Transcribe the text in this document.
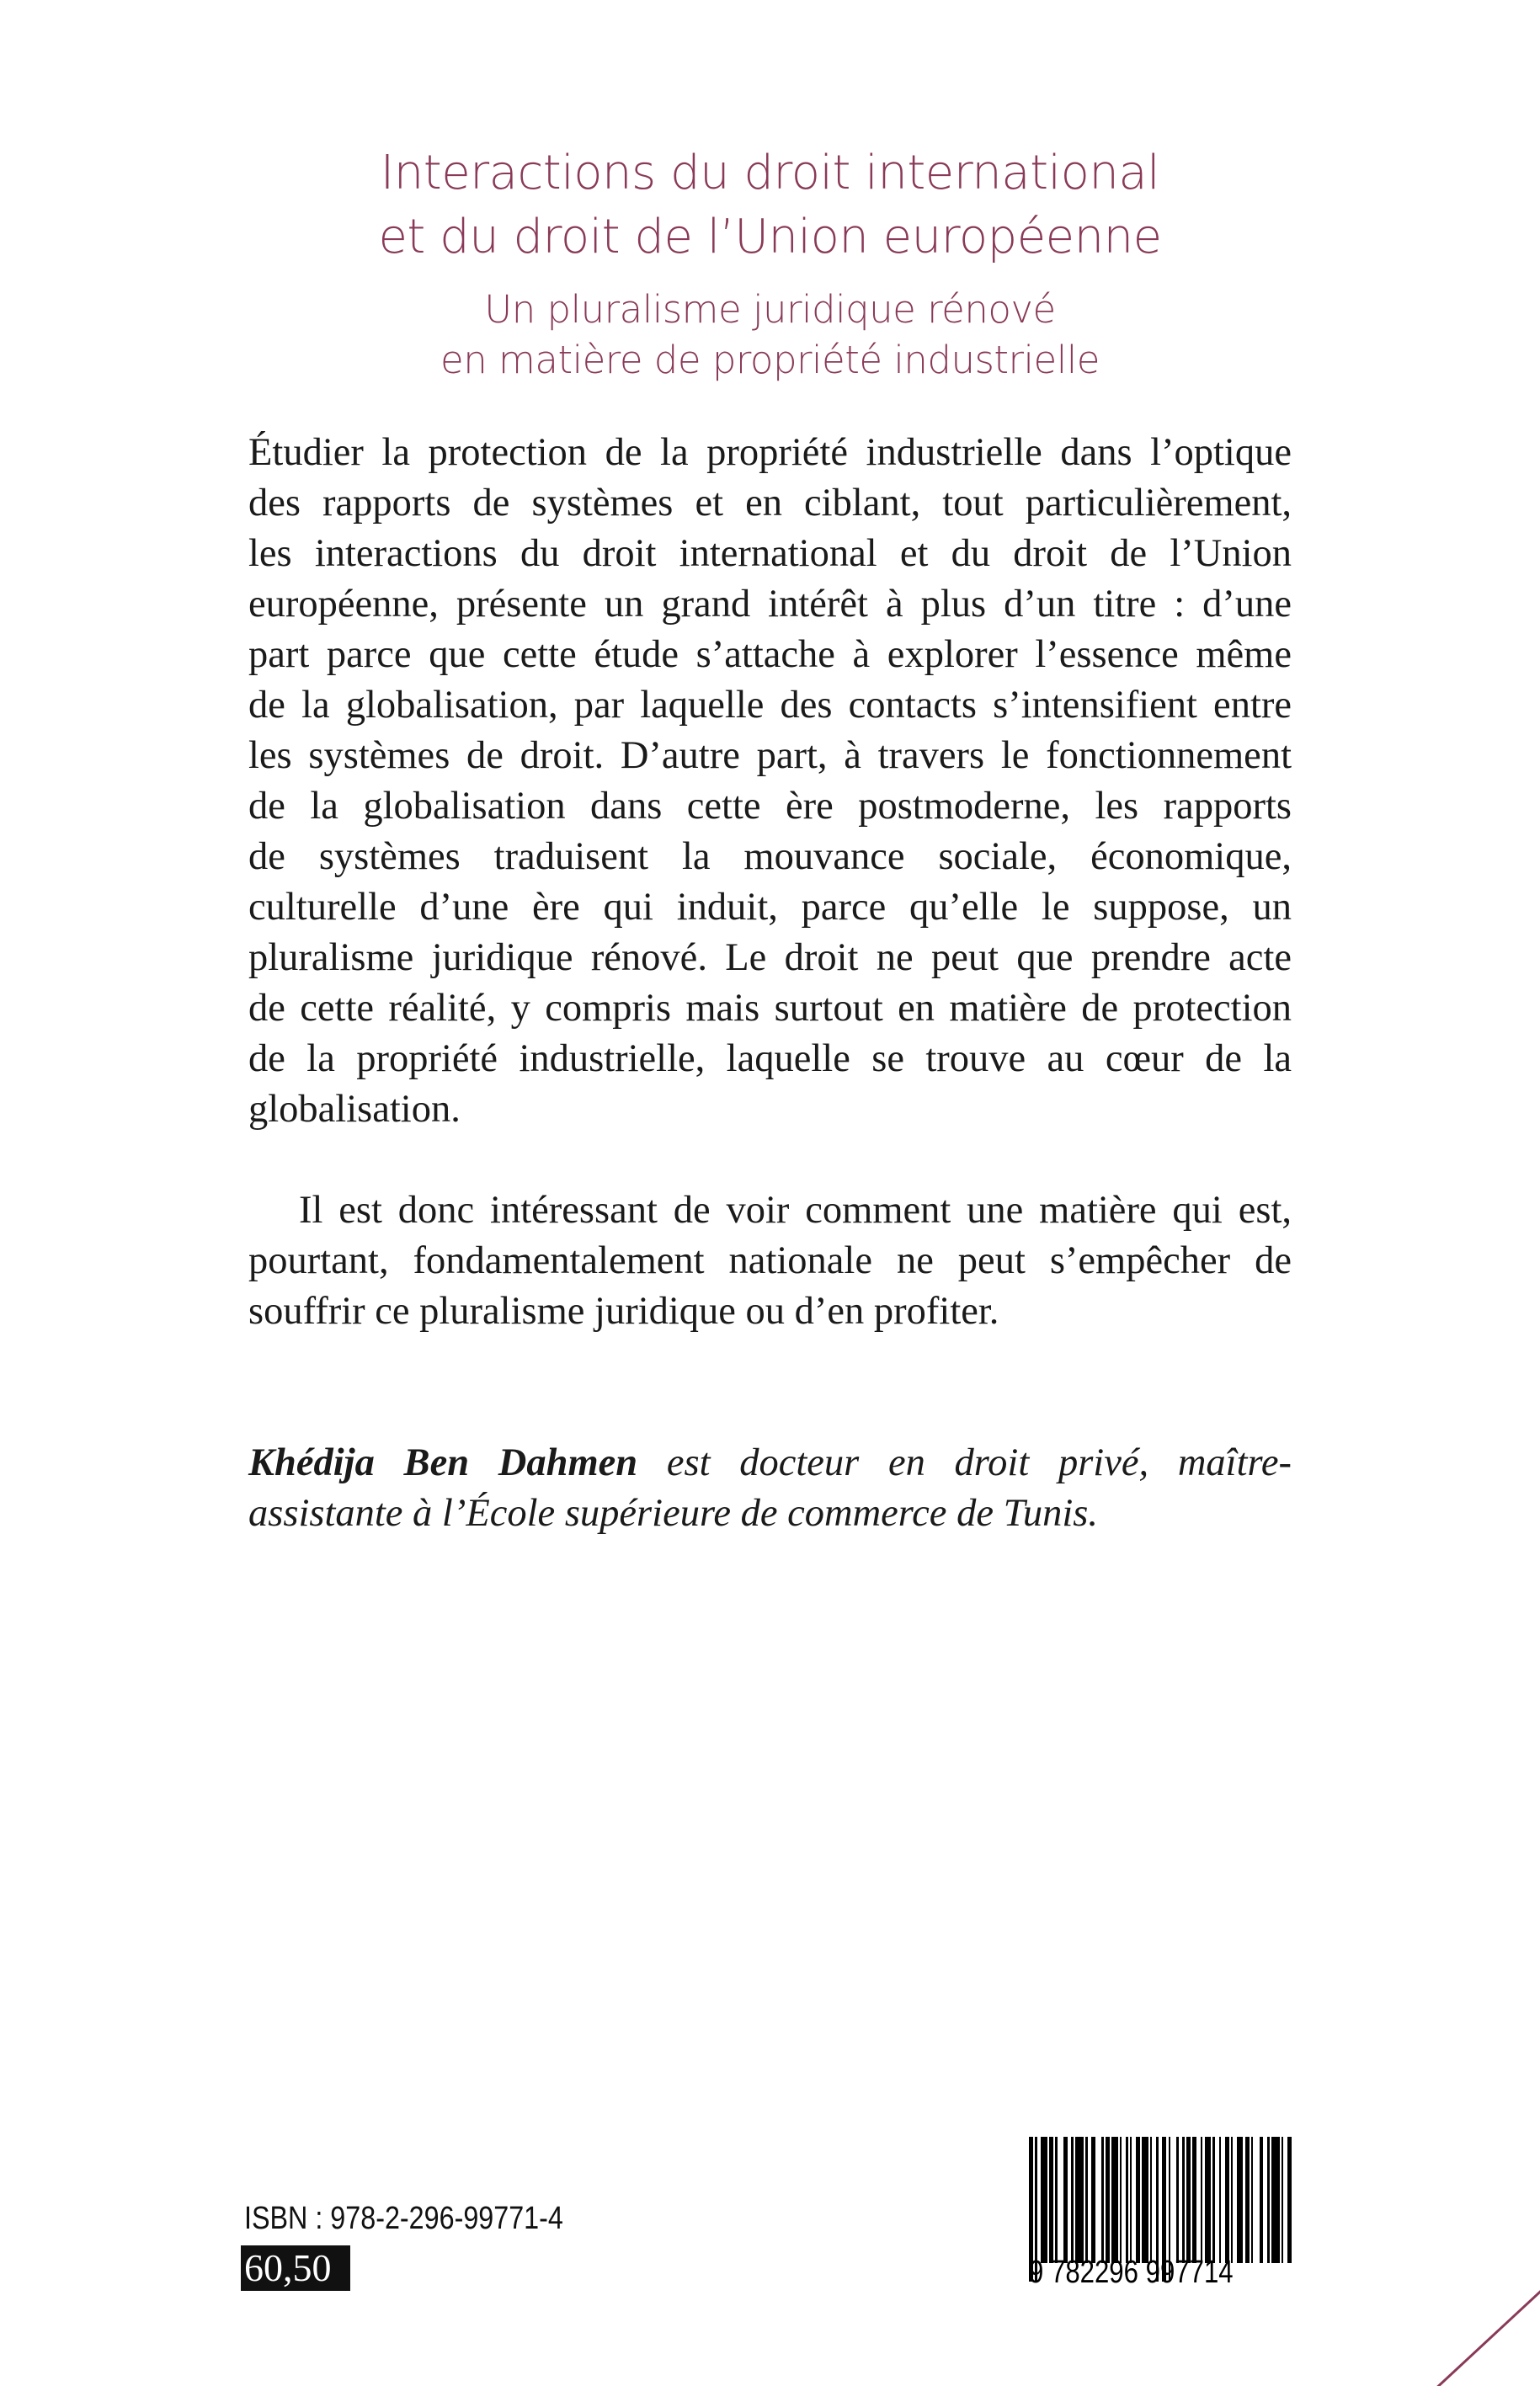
Interactions du droit international
et du droit de l’Union européenne
Un pluralisme juridique rénové
en matière de propriété industrielle
Étudier la protection de la propriété industrielle dans l’optique
des rapports de systèmes et en ciblant, tout particulièrement,
les interactions du droit international et du droit de l’Union
européenne, présente un grand intérêt à plus d’un titre : d’une
part parce que cette étude s’attache à explorer l’essence même
de la globalisation, par laquelle des contacts s’intensifient entre
les systèmes de droit. D’autre part, à travers le fonctionnement
de la globalisation dans cette ère postmoderne, les rapports
de systèmes traduisent la mouvance sociale, économique,
culturelle d’une ère qui induit, parce qu’elle le suppose, un
pluralisme juridique rénové. Le droit ne peut que prendre acte
de cette réalité, y compris mais surtout en matière de protection
de la propriété industrielle, laquelle se trouve au cœur de la
globalisation.
Il est donc intéressant de voir comment une matière qui est,
pourtant, fondamentalement nationale ne peut s’empêcher de
souffrir ce pluralisme juridique ou d’en profiter.
Khédija Ben Dahmen est docteur en droit privé, maître-
assistante à l’École supérieure de commerce de Tunis.
ISBN : 978-2-296-99771-4
60,50	9 782296 997714
